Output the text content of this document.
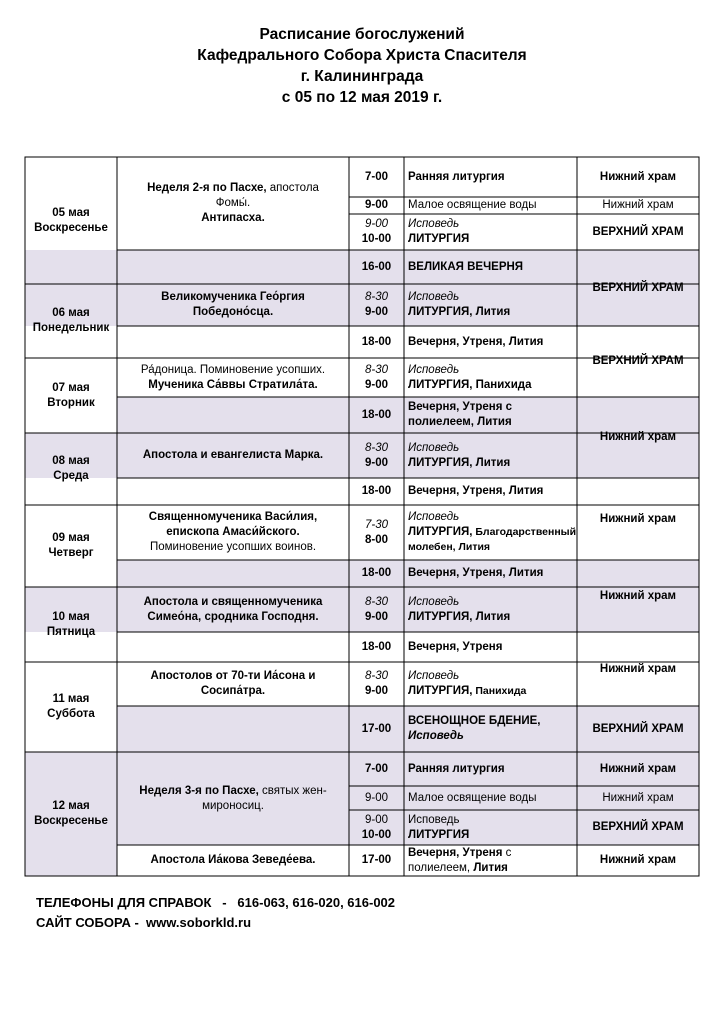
Расписание богослужений
Кафедрального Собора Христа Спасителя
г. Калининграда
с 05 по 12 мая 2019 г.
05 мая
Воскресенье
06 мая
Понедельник
07 мая
Вторник
08 мая
Среда
09 мая
Четверг
10 мая
Пятница
11 мая
Суббота
12 мая
Воскресенье
Неделя 2-я по Пасхе, апостола
Фомы́.
Антипасха.
Великомученика Гео́ргия
Победоно́сца.
Ра́доница. Поминовение усопших.
Мученика Са́ввы Стратила́та.
Апостола и евангелиста Марка.
Священномученика Васи́лия,
епископа Амаси́йского.
Поминовение усопших воинов.
Апостола и священномученика
Симео́на, сродника Господня.
Апостолов от 70-ти Иа́сона и
Сосипа́тра.
Неделя 3-я по Пасхе, святых жен-
мироносиц.
Апостола Иа́кова Зеведе́ева.
7-00
9-00
9-00
10-00
16-00
8-30
9-00
18-00
8-30
9-00
18-00
8-30
9-00
18-00
7-30
8-00
18-00
8-30
9-00
18-00
8-30
9-00
17-00
7-00
9-00
9-00
10-00
17-00
Ранняя литургия
Малое освящение воды
Исповедь
ЛИТУРГИЯ
ВЕЛИКАЯ ВЕЧЕРНЯ
Исповедь
ЛИТУРГИЯ, Лития
Вечерня, Утреня, Лития
Исповедь
ЛИТУРГИЯ, Панихида
Вечерня, Утреня с
полиелеем, Лития
Исповедь
ЛИТУРГИЯ, Лития
Вечерня, Утреня, Лития
Исповедь
ЛИТУРГИЯ, Благодарственный
молебен, Лития
Вечерня, Утреня, Лития
Исповедь
ЛИТУРГИЯ, Лития
Вечерня, Утреня
Исповедь
ЛИТУРГИЯ, Панихида
ВСЕНОЩНОЕ БДЕНИЕ,
Исповедь
Ранняя литургия
Малое освящение воды
Исповедь
ЛИТУРГИЯ
Вечерня, Утреня с
полиелеем, Лития
Нижний храм
Нижний храм
ВЕРХНИЙ ХРАМ
ВЕРХНИЙ ХРАМ
ВЕРХНИЙ ХРАМ
Нижний храм
Нижний храм
Нижний храм
Нижний храм
ВЕРХНИЙ ХРАМ
Нижний храм
Нижний храм
ВЕРХНИЙ ХРАМ
Нижний храм
ТЕЛЕФОНЫ ДЛЯ СПРАВОК   -   616-063, 616-020, 616-002
САЙТ СОБОРА -  www.soborkld.ru
